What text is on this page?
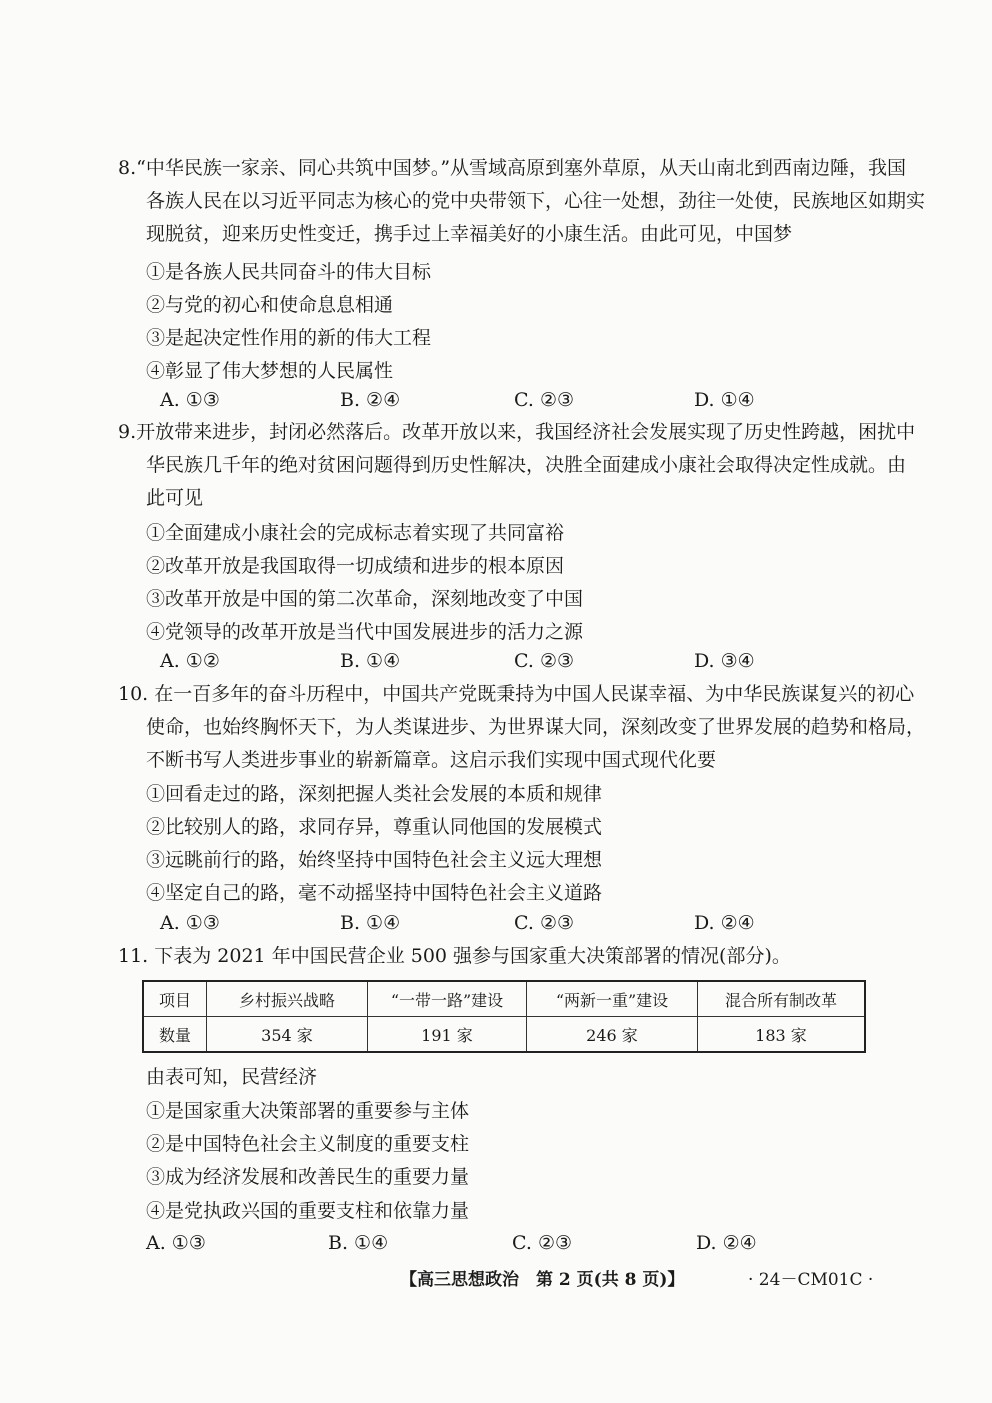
8.“中华民族一家亲、同心共筑中国梦。”从雪域高原到塞外草原，从天山南北到西南边陲，我国
各族人民在以习近平同志为核心的党中央带领下，心往一处想，劲往一处使，民族地区如期实
现脱贫，迎来历史性变迁，携手过上幸福美好的小康生活。由此可见，中国梦
①是各族人民共同奋斗的伟大目标
②与党的初心和使命息息相通
③是起决定性作用的新的伟大工程
④彰显了伟大梦想的人民属性
A. ①③	B. ②④	C. ②③	D. ①④
9.开放带来进步，封闭必然落后。改革开放以来，我国经济社会发展实现了历史性跨越，困扰中
华民族几千年的绝对贫困问题得到历史性解决，决胜全面建成小康社会取得决定性成就。由
此可见
①全面建成小康社会的完成标志着实现了共同富裕
②改革开放是我国取得一切成绩和进步的根本原因
③改革开放是中国的第二次革命，深刻地改变了中国
④党领导的改革开放是当代中国发展进步的活力之源
A. ①②	B. ①④	C. ②③	D. ③④
10. 在一百多年的奋斗历程中，中国共产党既秉持为中国人民谋幸福、为中华民族谋复兴的初心
使命，也始终胸怀天下，为人类谋进步、为世界谋大同，深刻改变了世界发展的趋势和格局，
不断书写人类进步事业的崭新篇章。这启示我们实现中国式现代化要
①回看走过的路，深刻把握人类社会发展的本质和规律
②比较别人的路，求同存异，尊重认同他国的发展模式
③远眺前行的路，始终坚持中国特色社会主义远大理想
④坚定自己的路，毫不动摇坚持中国特色社会主义道路
A. ①③	B. ①④	C. ②③	D. ②④
11. 下表为 2021 年中国民营企业 500 强参与国家重大决策部署的情况(部分)。
项目	乡村振兴战略	“一带一路”建设	“两新一重”建设	混合所有制改革
数量	354 家	191 家	246 家	183 家
由表可知，民营经济
①是国家重大决策部署的重要参与主体
②是中国特色社会主义制度的重要支柱
③成为经济发展和改善民生的重要力量
④是党执政兴国的重要支柱和依靠力量
A. ①③	B. ①④	C. ②③	D. ②④
【高三思想政治　第 2 页(共 8 页)】	· 24－CM01C ·
